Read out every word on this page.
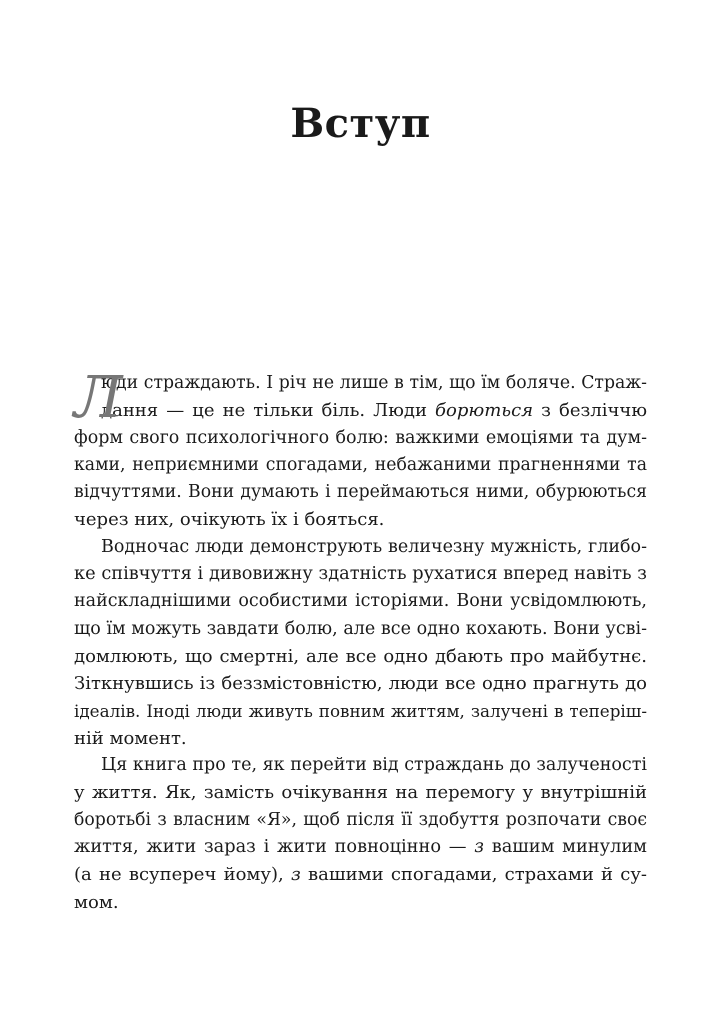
Вступ
Л
юди страждають. І річ не лише в тім, що їм боляче. Страж-
дання — це не тільки біль. Люди борються з безліччю
форм свого психологічного болю: важкими емоціями та дум-
ками, неприємними спогадами, небажаними прагненнями та
відчуттями. Вони думають і переймаються ними, обурюються
через них, очікують їх і бояться.
Водночас люди демонструють величезну мужність, глибо-
ке співчуття і дивовижну здатність рухатися вперед навіть з
найскладнішими особистими історіями. Вони усвідомлюють,
що їм можуть завдати болю, але все одно кохають. Вони усві-
домлюють, що смертні, але все одно дбають про майбутнє.
Зіткнувшись із беззмістовністю, люди все одно прагнуть до
ідеалів. Іноді люди живуть повним життям, залучені в теперіш-
ній момент.
Ця книга про те, як перейти від страждань до залученості
у життя. Як, замість очікування на перемогу у внутрішній
боротьбі з власним «Я», щоб після її здобуття розпочати своє
життя, жити зараз і жити повноцінно — з вашим минулим
(а не всупереч йому), з вашими спогадами, страхами й су-
мом.
